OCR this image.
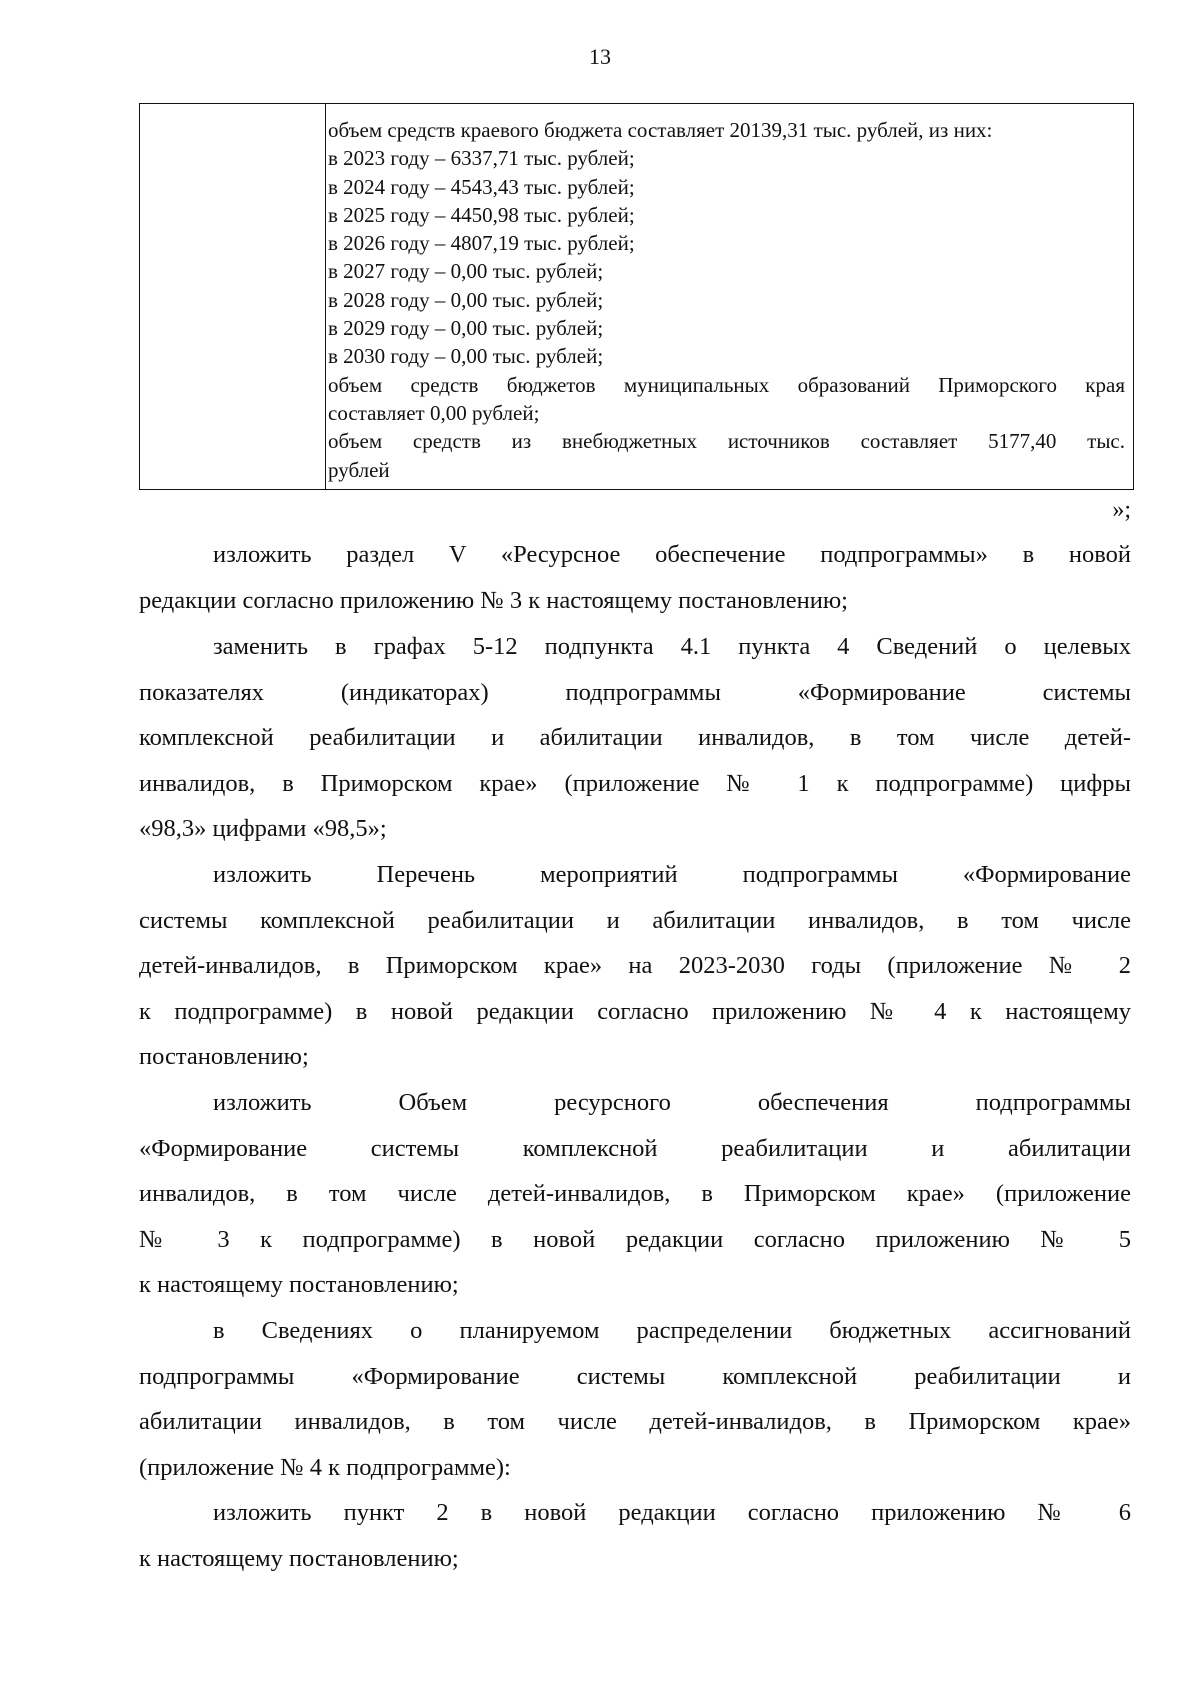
13
объем средств краевого бюджета составляет 20139,31 тыс. рублей, из них:
в 2023 году – 6337,71 тыс. рублей;
в 2024 году – 4543,43 тыс. рублей;
в 2025 году – 4450,98 тыс. рублей;
в 2026 году – 4807,19 тыс. рублей;
в 2027 году – 0,00 тыс. рублей;
в 2028 году – 0,00 тыс. рублей;
в 2029 году – 0,00 тыс. рублей;
в 2030 году – 0,00 тыс. рублей;
объем средств бюджетов муниципальных образований Приморского края
составляет 0,00 рублей;
объем средств из внебюджетных источников составляет 5177,40 тыс.
рублей
»;
изложить раздел V «Ресурсное обеспечение подпрограммы» в новой
редакции согласно приложению № 3 к настоящему постановлению;
заменить в графах 5-12 подпункта 4.1 пункта 4 Сведений о целевых
показателях (индикаторах) подпрограммы «Формирование системы
комплексной реабилитации и абилитации инвалидов, в том числе детей-
инвалидов, в Приморском крае» (приложение № 1 к подпрограмме) цифры
«98,3» цифрами «98,5»;
изложить Перечень мероприятий подпрограммы «Формирование
системы комплексной реабилитации и абилитации инвалидов, в том числе
детей-инвалидов, в Приморском крае» на 2023-2030 годы (приложение № 2
к подпрограмме) в новой редакции согласно приложению № 4 к настоящему
постановлению;
изложить Объем ресурсного обеспечения подпрограммы
«Формирование системы комплексной реабилитации и абилитации
инвалидов, в том числе детей-инвалидов, в Приморском крае» (приложение
№ 3 к подпрограмме) в новой редакции согласно приложению № 5
к настоящему постановлению;
в Сведениях о планируемом распределении бюджетных ассигнований
подпрограммы «Формирование системы комплексной реабилитации и
абилитации инвалидов, в том числе детей-инвалидов, в Приморском крае»
(приложение № 4 к подпрограмме):
изложить пункт 2 в новой редакции согласно приложению № 6
к настоящему постановлению;
